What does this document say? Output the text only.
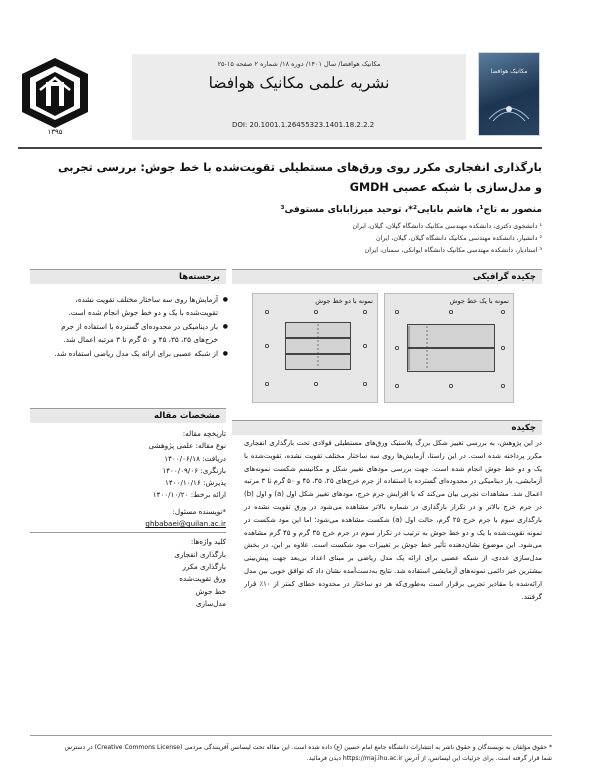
۱۳۹۵
مکانیک هوافضا/ سال ۱۴۰۱/ دوره ۱۸/ شماره ۲ صفحه ۱۵-۲۵
نشریه علمی مکانیک هوافضا
DOI: 20.1001.1.26455323.1401.18.2.2.2
مکانیک هوافضا
بارگذاری انفجاری مکرر روی ورق‌های مستطیلی تقویت‌شده با خط جوش: بررسی تجربی و مدل‌سازی با شبکه عصبی GMDH
منصور به تاج¹، هاشم بابایی²*، توحید میرزابابای مستوفی³
¹ دانشجوی دکتری، دانشکده مهندسی مکانیک دانشگاه گیلان، گیلان، ایران
² دانشیار، دانشکده مهندسی مکانیک دانشگاه گیلان، گیلان، ایران
³ استادیار، دانشکده مهندسی مکانیک دانشگاه ایوانکی، سمنان، ایران
چکیده گرافیکی
برجسته‌ها
مشخصات مقاله
چکیده
● آزمایش‌ها روی سه ساختار مختلف تقویت نشده، تقویت‌شده با یک و دو خط جوش انجام شده است.
● بار دینامیکی در محدوده‌ای گسترده با استفاده از جرم خرج‌های ۲۵، ۳۵، ۴۵ و ۵۰ گرم تا ۳ مرتبه اعمال شد.
● از شبکه عصبی برای ارائه یک مدل ریاضی استفاده شد.
تاریخچه مقاله:
نوع مقاله: علمی پژوهشی
دریافت: ۱۴۰۰/۰۶/۱۸
بازنگری: ۱۴۰۰/۰۹/۰۶
پذیرش: ۱۴۰۰/۱۰/۱۶
ارائه برخط: ۱۴۰۰/۱۰/۲۰
*نویسنده مسئول:
ghbabaei@guilan.ac.ir
کلید واژه‌ها:
بارگذاری انفجاری
بارگذاری مکرر
ورق تقویت‌شده
خط جوش
مدل‌سازی
نمونه با دو خط جوش	نمونه با یک خط جوش
در این پژوهش، به بررسی تغییر شکل بزرگ پلاستیک ورق‌های مستطیلی فولادی تحت بارگذاری انفجاری مکرر پرداخته شده است. در این راستا، آزمایش‌ها روی سه ساختار مختلف تقویت نشده، تقویت‌شده با یک و دو خط جوش انجام شده است. جهت بررسی مودهای تغییر شکل و مکانیسم شکست نمونه‌های آزمایشی، بار دینامیکی در محدوده‌ای گسترده با استفاده از جرم خرج‌های ۲۵، ۳۵، ۴۵ و ۵۰ گرم تا ۳ مرتبه اعمال شد. مشاهدات تجربی بیان می‌کند که با افزایش جرم خرج، مودهای تغییر شکل اول (a) و اول (b) در جرم خرج بالاتر و در تکرار بارگذاری در شماره بالاتر مشاهده می‌شود در ورق تقویت نشده در بارگذاری سوم با جرم خرج ۲۵ گرم، حالت اول (a) شکست مشاهده می‌شود؛ اما این مود شکست در نمونه تقویت‌شده با یک و دو خط جوش به ترتیب در تکرار سوم در جرم خرج ۳۵ گرم و ۴۵ گرم مشاهده می‌شود. این موضوع نشان‌دهنده تأثیر خط جوش بر تغییرات مود شکست است. علاوه بر این، در بخش مدل‌سازی عددی، از شبکه عصبی برای ارائه یک مدل ریاضی بر مبنای اعداد بی‌بعد جهت پیش‌بینی بیشترین خیز دائمی نمونه‌های آزمایشی استفاده شد. نتایج به‌دست‌آمده نشان داد که توافق خوبی بین مدل ارائه‌شده با مقادیر تجربی برقرار است به‌طوری‌که هر دو ساختار در محدوده خطای کمتر از ۱۰٪ قرار گرفتند.
* حقوق مؤلفان به نویسندگان و حقوق ناشر به انتشارات دانشگاه جامع امام حسین (ع) داده شده است. این مقاله تحت لیسانس آفرینندگی مردمی (Creative Commons License) در دسترس شما قرار گرفته است. برای جزئیات این لیسانس، از آدرس https://maj.ihu.ac.ir دیدن فرمائید.
